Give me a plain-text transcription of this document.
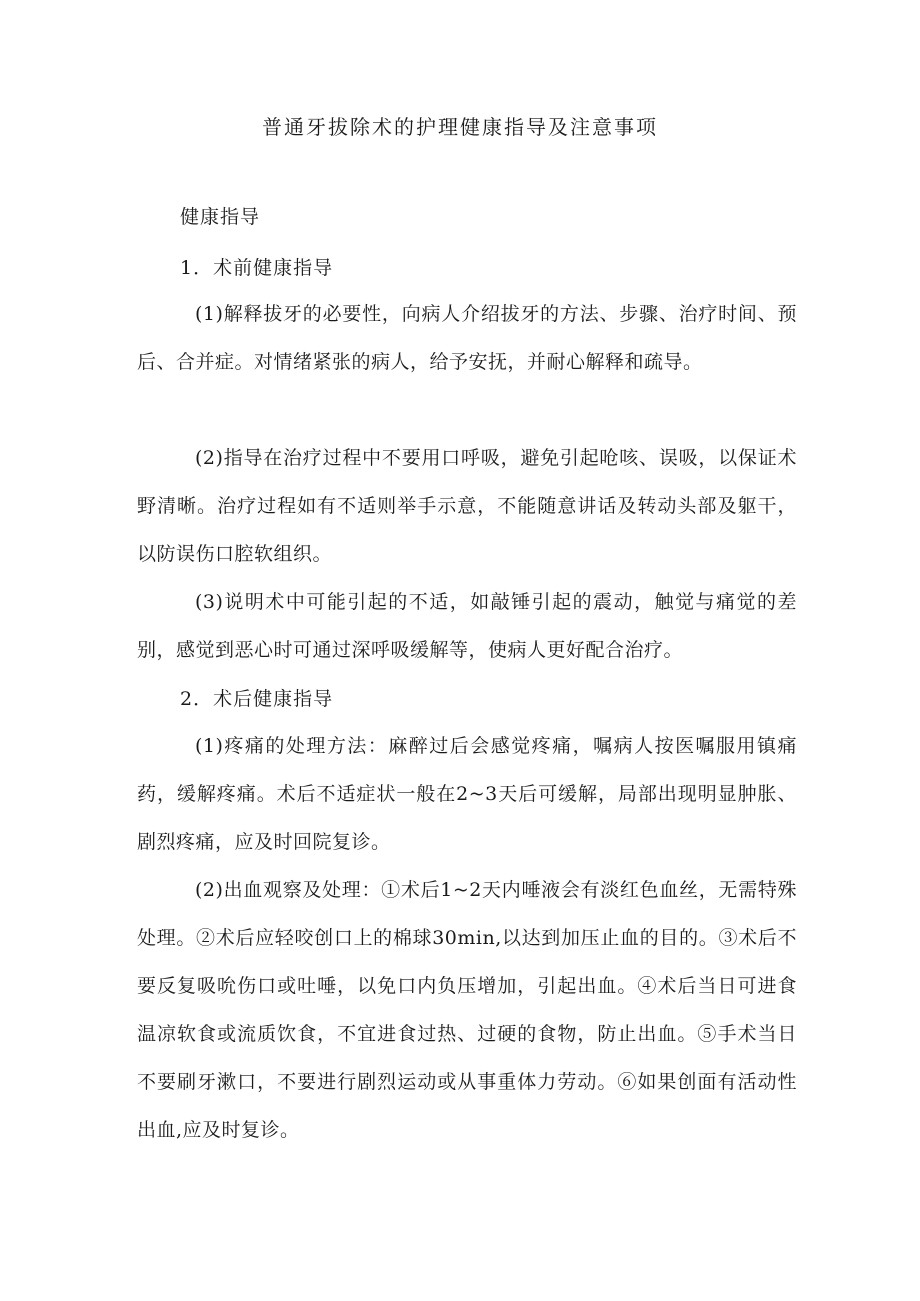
普通牙拔除术的护理健康指导及注意事项
健康指导
1．术前健康指导
(1)解释拔牙的必要性，向病人介绍拔牙的方法、步骤、治疗时间、预后、合并症。对情绪紧张的病人，给予安抚，并耐心解释和疏导。
(2)指导在治疗过程中不要用口呼吸，避免引起呛咳、误吸，以保证术野清晰。治疗过程如有不适则举手示意，不能随意讲话及转动头部及躯干，以防误伤口腔软组织。
(3)说明术中可能引起的不适，如敲锤引起的震动，触觉与痛觉的差别，感觉到恶心时可通过深呼吸缓解等，使病人更好配合治疗。
2．术后健康指导
(1)疼痛的处理方法：麻醉过后会感觉疼痛，嘱病人按医嘱服用镇痛药，缓解疼痛。术后不适症状一般在2~3天后可缓解，局部出现明显肿胀、剧烈疼痛，应及时回院复诊。
(2)出血观察及处理：①术后1~2天内唾液会有淡红色血丝，无需特殊处理。②术后应轻咬创口上的棉球30min,以达到加压止血的目的。③术后不要反复吸吮伤口或吐唾，以免口内负压增加，引起出血。④术后当日可进食温凉软食或流质饮食，不宜进食过热、过硬的食物，防止出血。⑤手术当日不要刷牙漱口，不要进行剧烈运动或从事重体力劳动。⑥如果创面有活动性出血,应及时复诊。
